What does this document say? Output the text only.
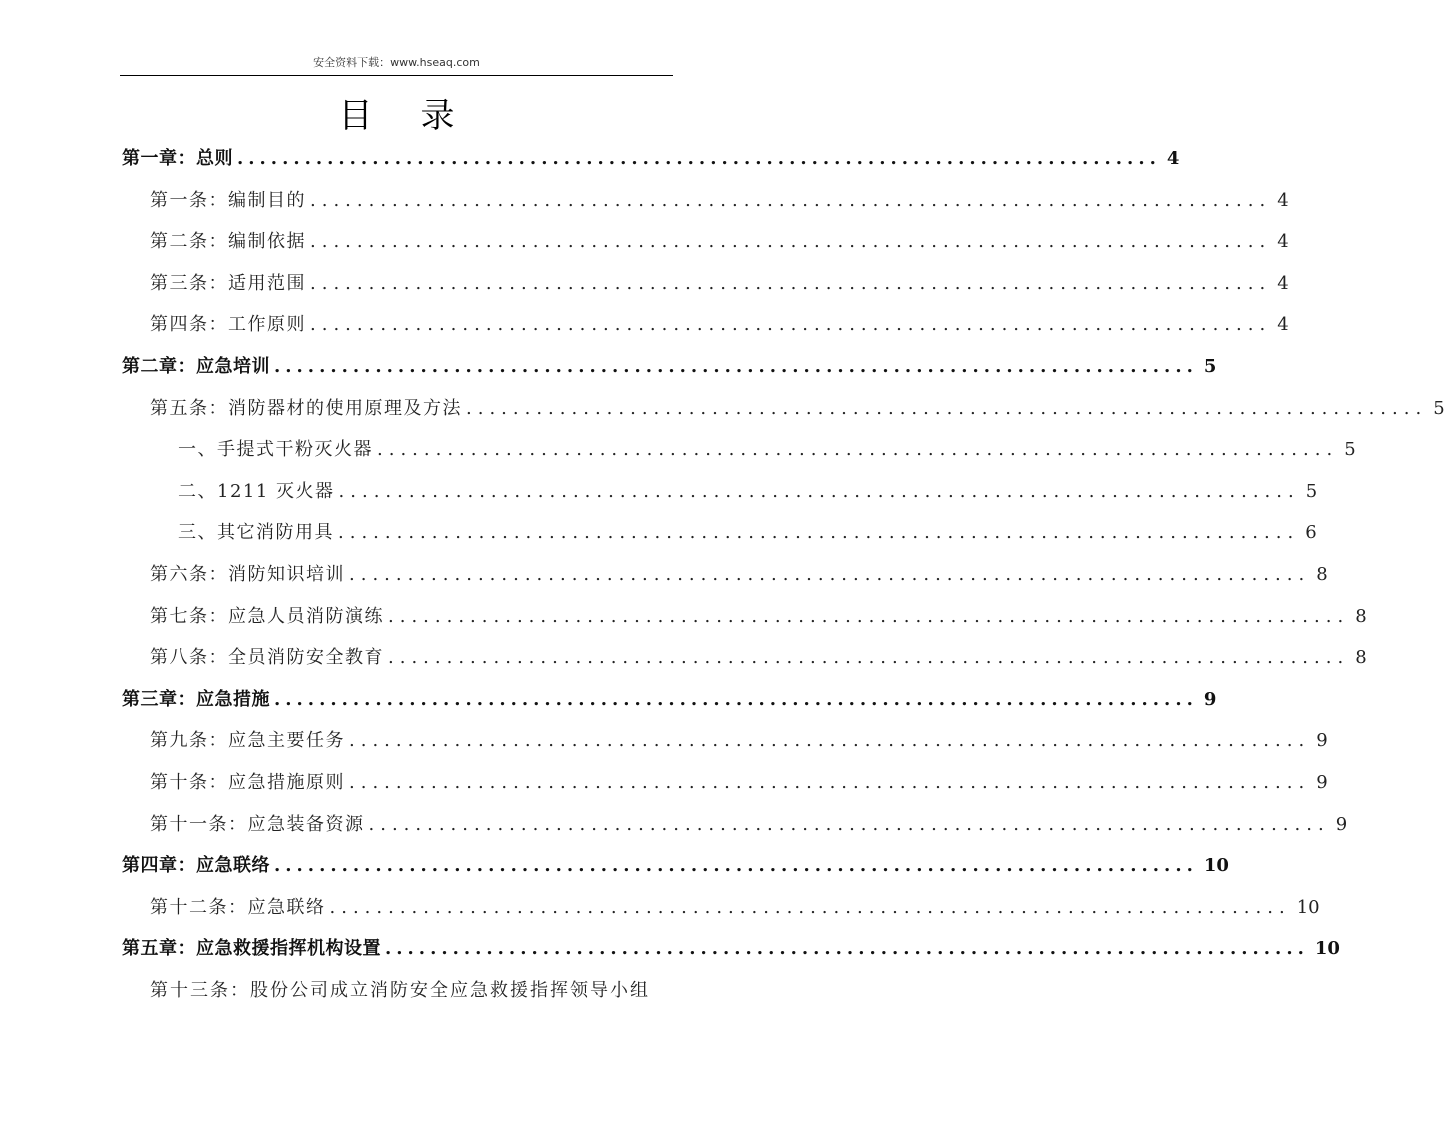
安全资料下载：www.hseaq.com
目录
第一章：总则 .................................................................................. 4
第一条：编制目的 .................................................................................. 4
第二条：编制依据 .................................................................................. 4
第三条：适用范围 .................................................................................. 4
第四条：工作原则 .................................................................................. 4
第二章：应急培训 .................................................................................. 5
第五条：消防器材的使用原理及方法 .................................................................................. 5
一、手提式干粉灭火器 .................................................................................. 5
二、1211 灭火器 .................................................................................. 5
三、其它消防用具 .................................................................................. 6
第六条：消防知识培训 .................................................................................. 8
第七条：应急人员消防演练 .................................................................................. 8
第八条：全员消防安全教育 .................................................................................. 8
第三章：应急措施 .................................................................................. 9
第九条：应急主要任务 .................................................................................. 9
第十条：应急措施原则 .................................................................................. 9
第十一条：应急装备资源 .................................................................................. 9
第四章：应急联络 .................................................................................. 10
第十二条：应急联络 .................................................................................. 10
第五章：应急救援指挥机构设置 .................................................................................. 10
第十三条：股份公司成立消防安全应急救援指挥领导小组
